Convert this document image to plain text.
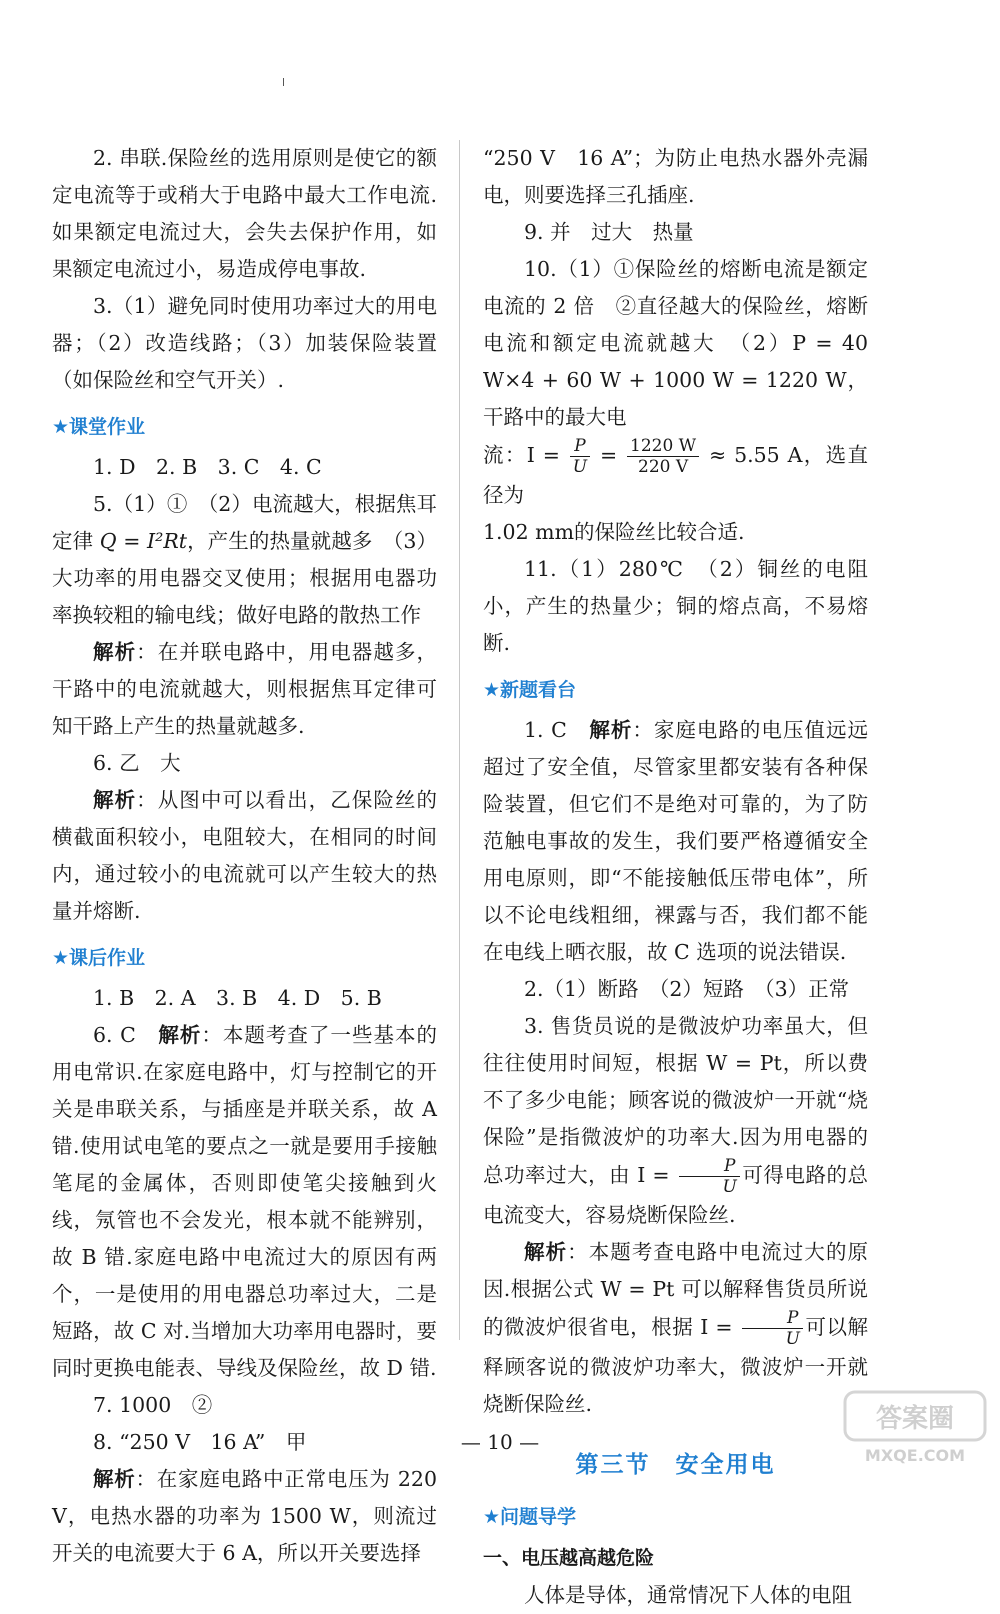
2. 串联.保险丝的选用原则是使它的额定电流等于或稍大于电路中最大工作电流.如果额定电流过大，会失去保护作用，如果额定电流过小，易造成停电事故.

3.（1）避免同时使用功率过大的用电器；（2）改造线路；（3）加装保险装置（如保险丝和空气开关）.

★课堂作业

1. D　2. B　3. C　4. C

5.（1）①　（2）电流越大，根据焦耳定律 Q = I²Rt，产生的热量就越多　（3）大功率的用电器交叉使用；根据用电器功率换较粗的输电线；做好电路的散热工作

解析：在并联电路中，用电器越多，干路中的电流就越大，则根据焦耳定律可知干路上产生的热量就越多.

6. 乙　大

解析：从图中可以看出，乙保险丝的横截面积较小，电阻较大，在相同的时间内，通过较小的电流就可以产生较大的热量并熔断.

★课后作业

1. B　2. A　3. B　4. D　5. B

6. C　解析：本题考查了一些基本的用电常识.在家庭电路中，灯与控制它的开关是串联关系，与插座是并联关系，故 A 错.使用试电笔的要点之一就是要用手接触笔尾的金属体，否则即使笔尖接触到火线，氖管也不会发光，根本就不能辨别，故 B 错.家庭电路中电流过大的原因有两个，一是使用的用电器总功率过大，二是短路，故 C 对.当增加大功率用电器时，要同时更换电能表、导线及保险丝，故 D 错.

7. 1000　②

8. “250 V　16 A”　甲

解析：在家庭电路中正常电压为 220 V，电热水器的功率为 1500 W，则流过开关的电流要大于 6 A，所以开关要选择

“250 V　16 A”；为防止电热水器外壳漏电，则要选择三孔插座.

9. 并　过大　热量

10.（1）①保险丝的熔断电流是额定电流的 2 倍　②直径越大的保险丝，熔断电流和额定电流就越大　（2）P = 40 W×4 + 60 W + 1000 W = 1220 W，干路中的最大电

流：$I = \frac{P}{U} = \frac{1220 W}{220 V} \approx 5.55$ A，选直径为

1.02 mm的保险丝比较合适.

11.（1）280℃　（2）铜丝的电阻小，产生的热量少；铜的熔点高，不易熔断.

★新题看台

1. C　解析：家庭电路的电压值远远超过了安全值，尽管家里都安装有各种保险装置，但它们不是绝对可靠的，为了防范触电事故的发生，我们要严格遵循安全用电原则，即“不能接触低压带电体”，所以不论电线粗细，裸露与否，我们都不能在电线上晒衣服，故 C 选项的说法错误.

2.（1）断路　（2）短路　（3）正常

3. 售货员说的是微波炉功率虽大，但往往使用时间短，根据 W = Pt，所以费不了多少电能；顾客说的微波炉一开就“烧保险”是指微波炉的功率大.因为用电器的总功率过大，由 $I = \frac{P}{U}$ 可得电路的总电流变大，容易烧断保险丝.

解析：本题考查电路中电流过大的原因.根据公式 W = Pt 可以解释售货员所说的微波炉很省电，根据 $I = \frac{P}{U}$ 可以解释顾客说的微波炉功率大，微波炉一开就烧断保险丝.

第三节　安全用电
★问题导学

一、电压越高越危险

人体是导体，通常情况下人体的电阻

— 10 —
答案圈
MXQE.COM
